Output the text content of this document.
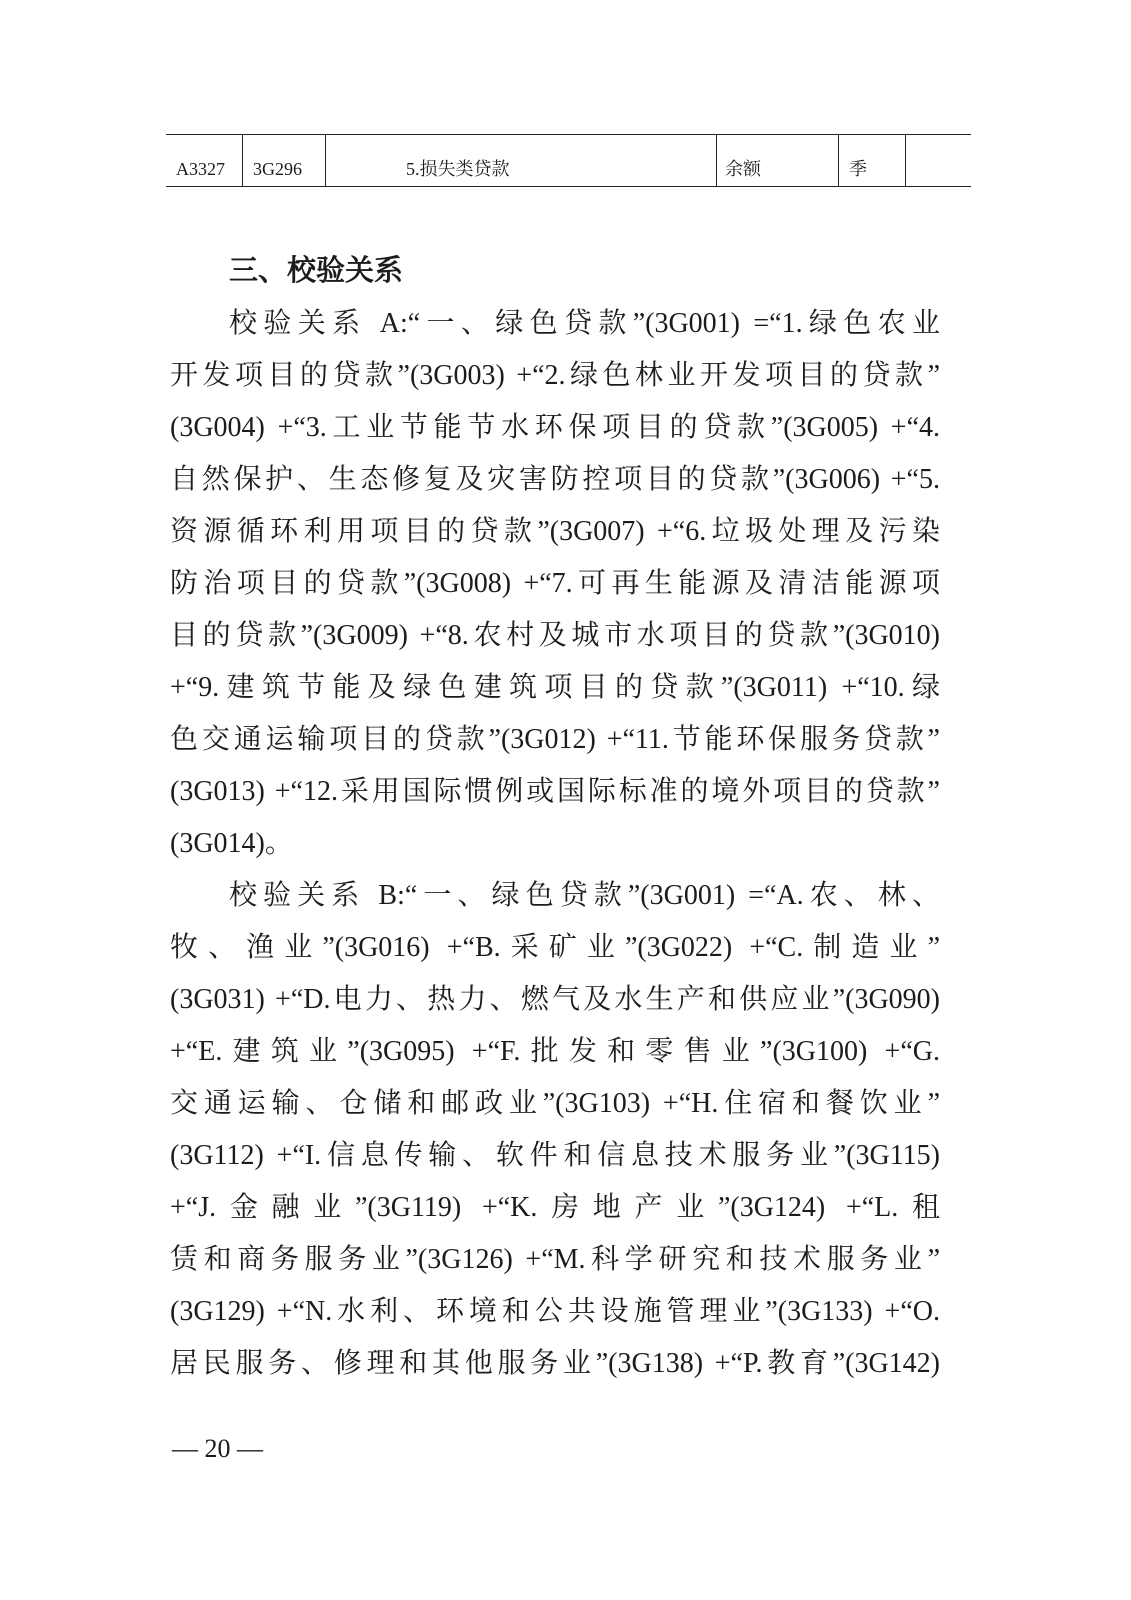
A3327	3G296	5.损失类贷款	余额	季
三、校验关系
校验关系 A:“一、绿色贷款”(3G001) =“1.绿色农业
开发项目的贷款”(3G003) +“2.绿色林业开发项目的贷款”
(3G004) +“3.工业节能节水环保项目的贷款”(3G005) +“4.
自然保护、生态修复及灾害防控项目的贷款”(3G006) +“5.
资源循环利用项目的贷款”(3G007) +“6.垃圾处理及污染
防治项目的贷款”(3G008) +“7.可再生能源及清洁能源项
目的贷款”(3G009) +“8.农村及城市水项目的贷款”(3G010)
+“9.建筑节能及绿色建筑项目的贷款”(3G011) +“10.绿
色交通运输项目的贷款”(3G012) +“11.节能环保服务贷款”
(3G013) +“12.采用国际惯例或国际标准的境外项目的贷款”
(3G014)。
校验关系 B:“一、绿色贷款”(3G001) =“A.农、林、
牧、渔业”(3G016) +“B.采矿业”(3G022) +“C.制造业”
(3G031) +“D.电力、热力、燃气及水生产和供应业”(3G090)
+“E.建筑业”(3G095) +“F.批发和零售业”(3G100) +“G.
交通运输、仓储和邮政业”(3G103) +“H.住宿和餐饮业”
(3G112) +“I.信息传输、软件和信息技术服务业”(3G115)
+“J.金融业”(3G119) +“K.房地产业”(3G124) +“L.租
赁和商务服务业”(3G126) +“M.科学研究和技术服务业”
(3G129) +“N.水利、环境和公共设施管理业”(3G133) +“O.
居民服务、修理和其他服务业”(3G138) +“P.教育”(3G142)
— 20 —
